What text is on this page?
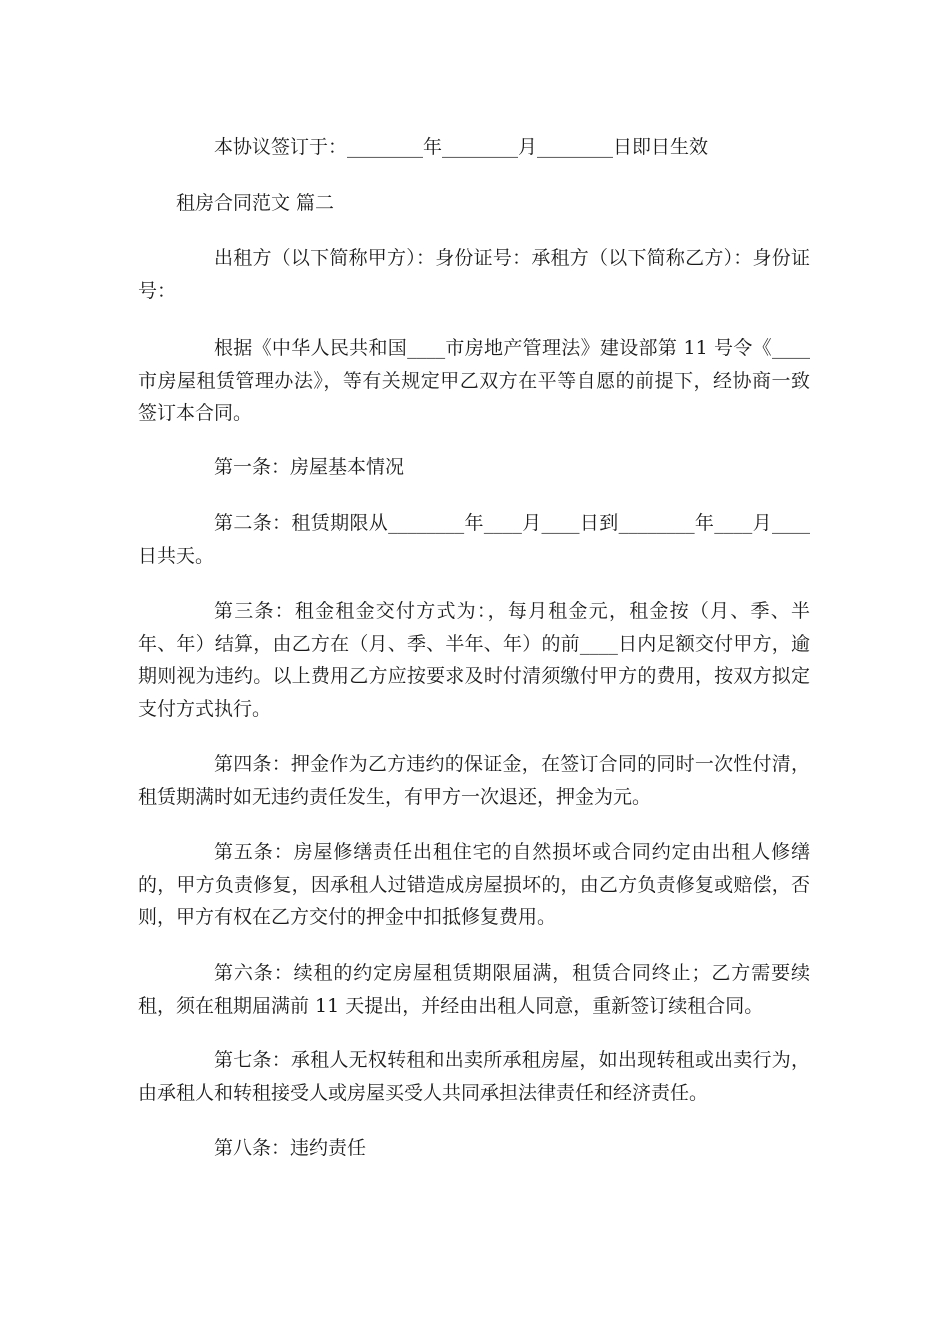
本协议签订于：________年________月________日即日生效
租房合同范文 篇二
出租方（以下简称甲方）：身份证号：承租方（以下简称乙方）：身份证号：
根据《中华人民共和国____市房地产管理法》建设部第 11 号令《____市房屋租赁管理办法》，等有关规定甲乙双方在平等自愿的前提下，经协商一致签订本合同。
第一条：房屋基本情况
第二条：租赁期限从________年____月____日到________年____月____日共天。
第三条：租金租金交付方式为：，每月租金元，租金按（月、季、半年、年）结算，由乙方在（月、季、半年、年）的前____日内足额交付甲方，逾期则视为违约。以上费用乙方应按要求及时付清须缴付甲方的费用，按双方拟定支付方式执行。
第四条：押金作为乙方违约的保证金，在签订合同的同时一次性付清，租赁期满时如无违约责任发生，有甲方一次退还，押金为元。
第五条：房屋修缮责任出租住宅的自然损坏或合同约定由出租人修缮的，甲方负责修复，因承租人过错造成房屋损坏的，由乙方负责修复或赔偿，否则，甲方有权在乙方交付的押金中扣抵修复费用。
第六条：续租的约定房屋租赁期限届满，租赁合同终止；乙方需要续租，须在租期届满前 11 天提出，并经由出租人同意，重新签订续租合同。
第七条：承租人无权转租和出卖所承租房屋，如出现转租或出卖行为，由承租人和转租接受人或房屋买受人共同承担法律责任和经济责任。
第八条：违约责任
